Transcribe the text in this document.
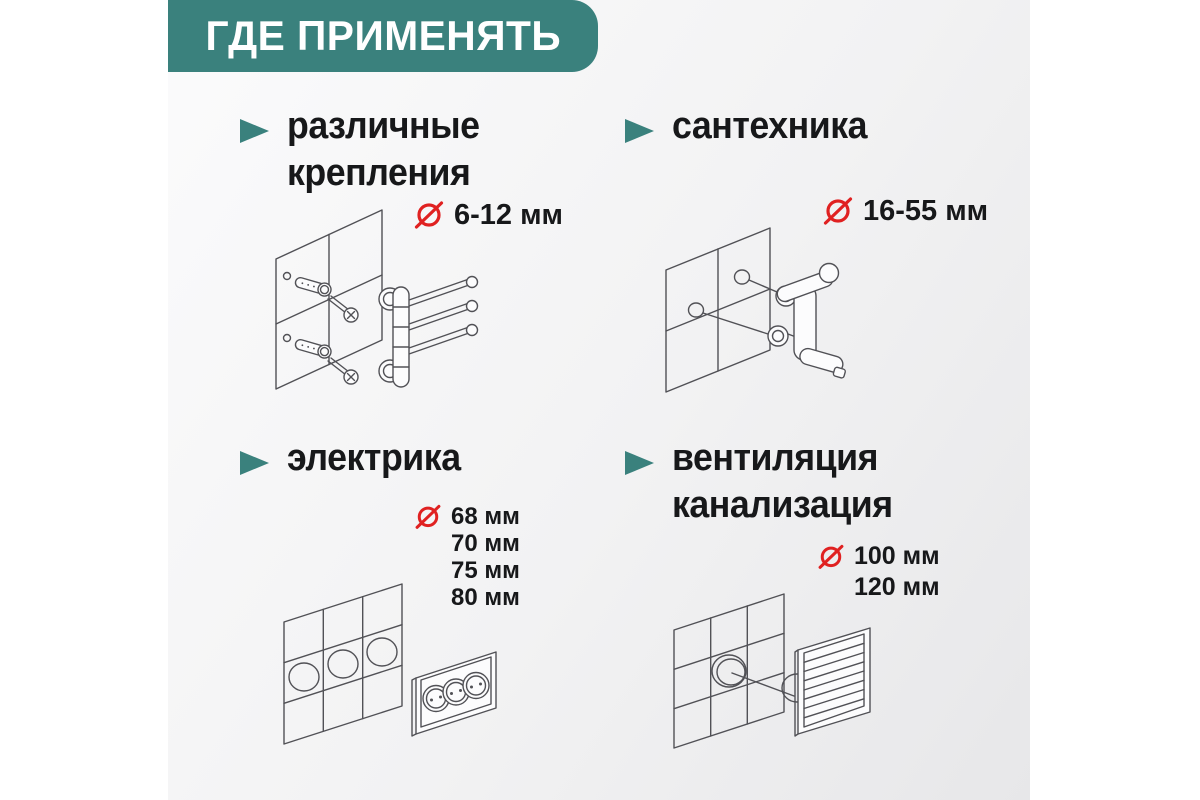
ГДЕ ПРИМЕНЯТЬ
различные
крепления
6-12 мм
сантехника
16-55 мм
электрика
68 мм
70 мм
75 мм
80 мм
вентиляция
канализация
100 мм
120 мм
